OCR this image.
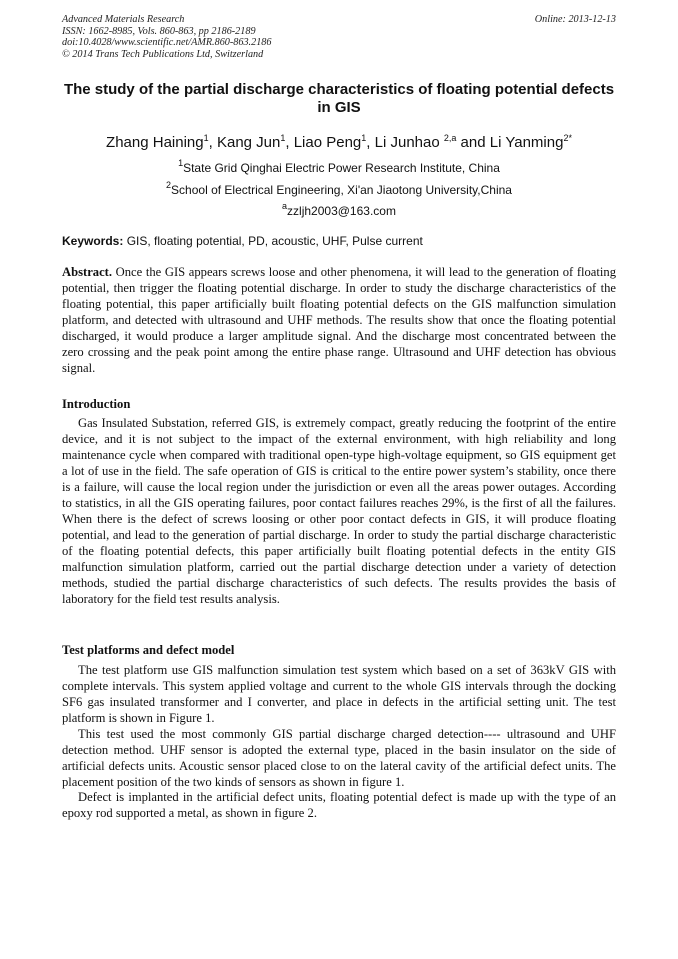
Advanced Materials Research
ISSN: 1662-8985, Vols. 860-863, pp 2186-2189
doi:10.4028/www.scientific.net/AMR.860-863.2186
© 2014 Trans Tech Publications Ltd, Switzerland
Online: 2013-12-13
The study of the partial discharge characteristics of floating potential defects in GIS
Zhang Haining$^1$, Kang Jun$^1$, Liao Peng$^1$, Li Junhao $^{2,a}$ and Li Yanming$^{2*}$
$^1$State Grid Qinghai Electric Power Research Institute, China
$^2$School of Electrical Engineering, Xi'an Jiaotong University,China
$^a$zzljh2003@163.com
Keywords: GIS, floating potential, PD, acoustic, UHF, Pulse current
Abstract. Once the GIS appears screws loose and other phenomena, it will lead to the generation of floating potential, then trigger the floating potential discharge. In order to study the discharge characteristics of the floating potential, this paper artificially built floating potential defects on the GIS malfunction simulation platform, and detected with ultrasound and UHF methods. The results show that once the floating potential discharged, it would produce a larger amplitude signal. And the discharge most concentrated between the zero crossing and the peak point among the entire phase range. Ultrasound and UHF detection has obvious signal.
Introduction
Gas Insulated Substation, referred GIS, is extremely compact, greatly reducing the footprint of the entire device, and it is not subject to the impact of the external environment, with high reliability and long maintenance cycle when compared with traditional open-type high-voltage equipment, so GIS equipment get a lot of use in the field. The safe operation of GIS is critical to the entire power system’s stability, once there is a failure, will cause the local region under the jurisdiction or even all the areas power outages. According to statistics, in all the GIS operating failures, poor contact failures reaches 29%, is the first of all the failures. When there is the defect of screws loosing or other poor contact defects in GIS, it will produce floating potential, and lead to the generation of partial discharge. In order to study the partial discharge characteristic of the floating potential defects, this paper artificially built floating potential defects in the entity GIS malfunction simulation platform, carried out the partial discharge detection under a variety of detection methods, studied the partial discharge characteristics of such defects. The results provides the basis of laboratory for the field test results analysis.
Test platforms and defect model
The test platform use GIS malfunction simulation test system which based on a set of 363kV GIS with complete intervals. This system applied voltage and current to the whole GIS intervals through the docking SF6 gas insulated transformer and I converter, and place in defects in the artificial setting unit. The test platform is shown in Figure 1.
This test used the most commonly GIS partial discharge charged detection---- ultrasound and UHF detection method. UHF sensor is adopted the external type, placed in the basin insulator on the side of artificial defects units. Acoustic sensor placed close to on the lateral cavity of the artificial defect units. The placement position of the two kinds of sensors as shown in figure 1.
Defect is implanted in the artificial defect units, floating potential defect is made up with the type of an epoxy rod supported a metal, as shown in figure 2.
